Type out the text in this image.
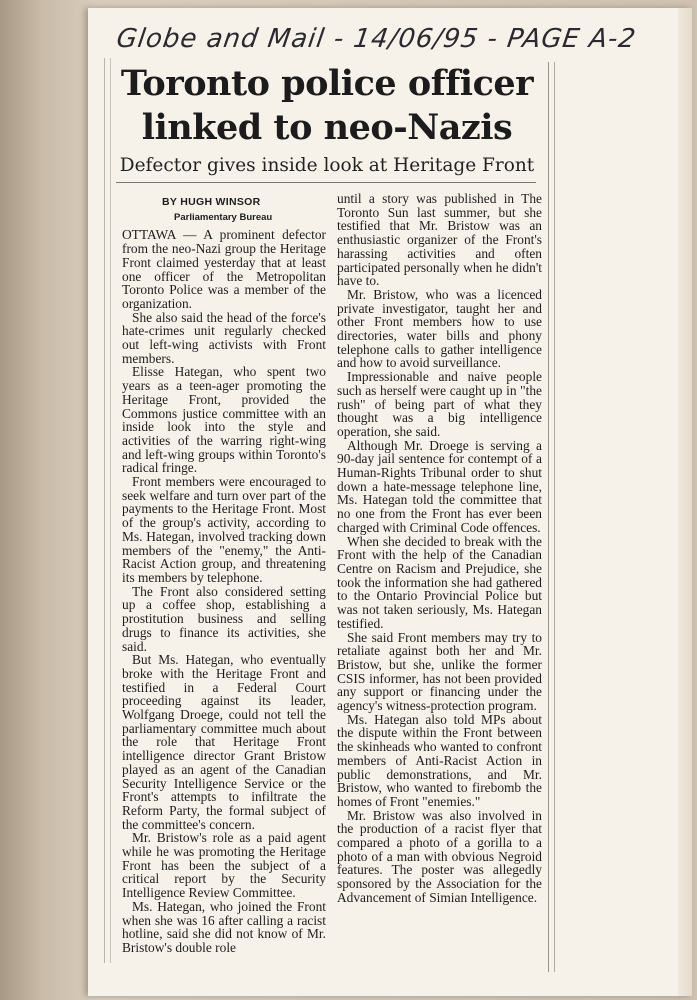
Globe and Mail - 14/06/95 - PAGE A-2
Toronto police officer linked to neo-Nazis
Defector gives inside look at Heritage Front
BY HUGH WINSOR
Parliamentary Bureau

OTTAWA — A prominent defector from the neo-Nazi group the Heritage Front claimed yesterday that at least one officer of the Metropolitan Toronto Police was a member of the organization.

She also said the head of the force's hate-crimes unit regularly checked out left-wing activists with Front members.

Elisse Hategan, who spent two years as a teen-ager promoting the Heritage Front, provided the Commons justice committee with an inside look into the style and activities of the warring right-wing and left-wing groups within Toronto's radical fringe.

Front members were encouraged to seek welfare and turn over part of the payments to the Heritage Front. Most of the group's activity, according to Ms. Hategan, involved tracking down members of the "enemy," the Anti-Racist Action group, and threatening its members by telephone.

The Front also considered setting up a coffee shop, establishing a prostitution business and selling drugs to finance its activities, she said.

But Ms. Hategan, who eventually broke with the Heritage Front and testified in a Federal Court proceeding against its leader, Wolfgang Droege, could not tell the parliamentary committee much about the role that Heritage Front intelligence director Grant Bristow played as an agent of the Canadian Security Intelligence Service or the Front's attempts to infiltrate the Reform Party, the formal subject of the committee's concern.

Mr. Bristow's role as a paid agent while he was promoting the Heritage Front has been the subject of a critical report by the Security Intelligence Review Committee.

Ms. Hategan, who joined the Front when she was 16 after calling a racist hotline, said she did not know of Mr. Bristow's double role

until a story was published in The Toronto Sun last summer, but she testified that Mr. Bristow was an enthusiastic organizer of the Front's harassing activities and often participated personally when he didn't have to.

Mr. Bristow, who was a licenced private investigator, taught her and other Front members how to use directories, water bills and phony telephone calls to gather intelligence and how to avoid surveillance.

Impressionable and naive people such as herself were caught up in "the rush" of being part of what they thought was a big intelligence operation, she said.

Although Mr. Droege is serving a 90-day jail sentence for contempt of a Human-Rights Tribunal order to shut down a hate-message telephone line, Ms. Hategan told the committee that no one from the Front has ever been charged with Criminal Code offences.

When she decided to break with the Front with the help of the Canadian Centre on Racism and Prejudice, she took the information she had gathered to the Ontario Provincial Police but was not taken seriously, Ms. Hategan testified.

She said Front members may try to retaliate against both her and Mr. Bristow, but she, unlike the former CSIS informer, has not been provided any support or financing under the agency's witness-protection program.

Ms. Hategan also told MPs about the dispute within the Front between the skinheads who wanted to confront members of Anti-Racist Action in public demonstrations, and Mr. Bristow, who wanted to firebomb the homes of Front "enemies."

Mr. Bristow was also involved in the production of a racist flyer that compared a photo of a gorilla to a photo of a man with obvious Negroid features. The poster was allegedly sponsored by the Association for the Advancement of Simian Intelligence.
